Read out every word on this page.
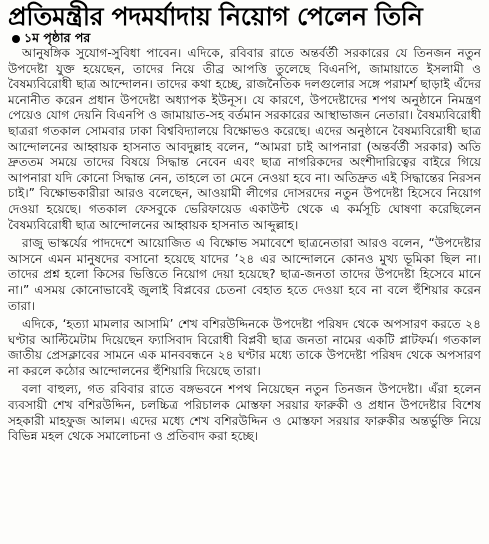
প্রতিমন্ত্রীর পদমর্যাদায় নিয়োগ পেলেন তিনি
১ম পৃষ্ঠার পর

আনুষঙ্গিক সুযোগ-সুবিধা পাবেন। এদিকে, রবিবার রাতে অন্তর্বর্তী সরকারের যে তিনজন নতুন উপদেষ্টা যুক্ত হয়েছেন, তাদের নিয়ে তীব্র আপত্তি তুলেছে বিএনপি, জামায়াতে ইসলামী ও বৈষম্যবিরোধী ছাত্র আন্দোলন। তাদের কথা হচ্ছে, রাজনৈতিক দলগুলোর সঙ্গে পরামর্শ ছাড়াই এঁদের মনোনীত করেন প্রধান উপদেষ্টা অধ্যাপক ইউনূস। যে কারণে, উপদেষ্টাদের শপথ অনুষ্ঠানে নিমন্ত্রণ পেয়েও যোগ দেয়নি বিএনপি ও জামায়াত-সহ বর্তমান সরকারের আস্থাভাজন নেতারা। বৈষম্যবিরোধী ছাত্ররা গতকাল সোমবার ঢাকা বিশ্ববিদ্যালয়ে বিক্ষোভও করেছে। এদের অনুষ্ঠানে বৈষম্যবিরোধী ছাত্র আন্দোলনের আহ্বায়ক হাসনাত আবদুল্লাহ বলেন, “আমরা চাই আপনারা (অন্তর্বর্তী সরকার) অতি দ্রুততম সময়ে তাদের বিষয়ে সিদ্ধান্ত নেবেন এবং ছাত্র নাগরিকদের অংশীদারিত্বের বাইরে গিয়ে আপনারা যদি কোনো সিদ্ধান্ত নেন, তাহলে তা মেনে নেওয়া হবে না। অতিদ্রুত এই সিদ্ধান্তের নিরসন চাই।” বিক্ষোভকারীরা আরও বলেছেন, আওয়ামী লীগের দোসরদের নতুন উপদেষ্টা হিসেবে নিয়োগ দেওয়া হয়েছে। গতকাল ফেসবুকে ভেরিফায়েড একাউন্ট থেকে এ কর্মসূচি ঘোষণা করেছিলেন বৈষম্যবিরোধী ছাত্র আন্দোলনের আহ্বায়ক হাসনাত আব্দুল্লাহ।

রাজু ভাস্কর্যের পাদদেশে আয়োজিত এ বিক্ষোভ সমাবেশে ছাত্রনেতারা আরও বলেন, “উপদেষ্টার আসনে এমন মানুষদের বসানো হয়েছে যাদের ’২৪ এর আন্দোলনে কোনও মুখ্য ভূমিকা ছিল না। তাদের প্রশ্ন হলো কিসের ভিত্তিতে নিয়োগ দেয়া হয়েছে? ছাত্র-জনতা তাদের উপদেষ্টা হিসেবে মানে না।” এসময় কোনোভাবেই জুলাই বিপ্লবের চেতনা বেহাত হতে দেওয়া হবে না বলে হুঁশিয়ার করেন তারা।

এদিকে, ‘হত্যা মামলার আসামি’ শেখ বশিরউদ্দিনকে উপদেষ্টা পরিষদ থেকে অপসারণ করতে ২৪ ঘণ্টার আল্টিমেটাম দিয়েছেন ফ্যাসিবাদ বিরোধী বিপ্লবী ছাত্র জনতা নামের একটি প্লাটফর্ম। গতকাল জাতীয় প্রেসক্লাবের সামনে এক মানববন্ধনে ২৪ ঘণ্টার মধ্যে তাকে উপদেষ্টা পরিষদ থেকে অপসারণ না করলে কঠোর আন্দোলনের হুঁশিয়ারি দিয়েছে তারা।

বলা বাহুল্য, গত রবিবার রাতে বঙ্গভবনে শপথ নিয়েছেন নতুন তিনজন উপদেষ্টা। এঁরা হলেন ব্যবসায়ী শেখ বশিরউদ্দিন, চলচ্চিত্র পরিচালক মোস্তফা সরয়ার ফারুকী ও প্রধান উপদেষ্টার বিশেষ সহকারী মাহফুজ আলম। এদের মধ্যে শেখ বশিরউদ্দিন ও মোস্তফা সরয়ার ফারুকীর অন্তর্ভুক্তি নিয়ে বিভিন্ন মহল থেকে সমালোচনা ও প্রতিবাদ করা হচ্ছে।
